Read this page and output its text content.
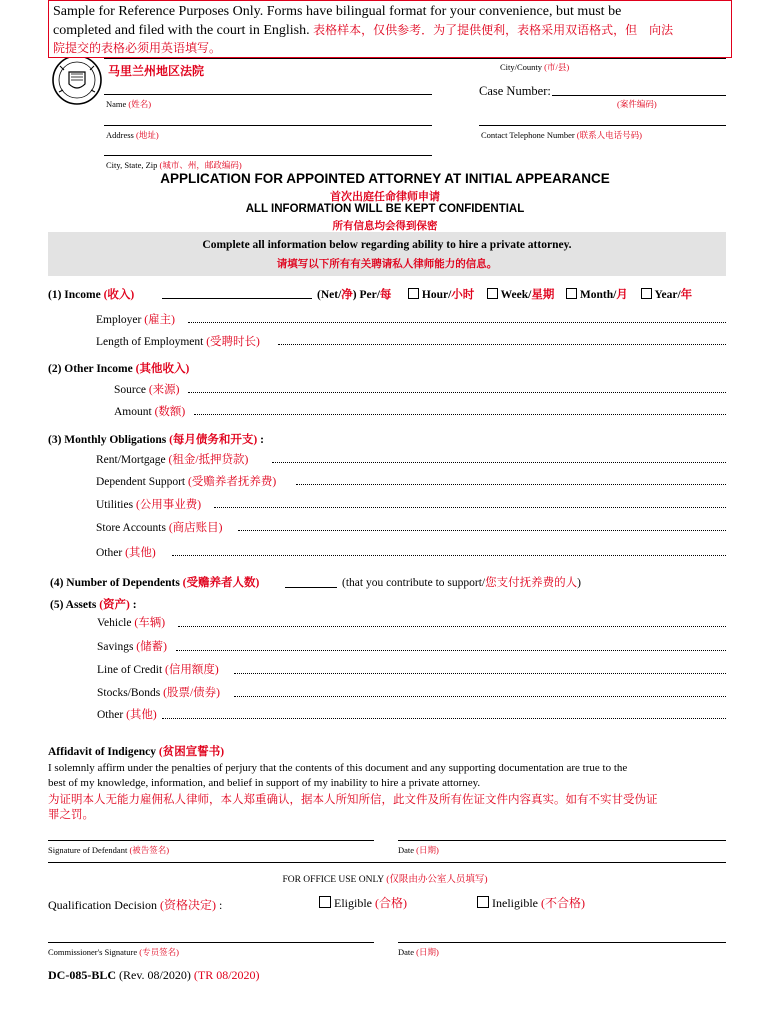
Sample for Reference Purposes Only. Forms have bilingual format for your convenience, but must be
completed and filed with the court in English. 表格样本，仅供参考．为了提供便利，表格采用双语格式，但　向法
院提交的表格必须用英语填写。
马里兰州地区法院	City/County (市/县)
Name (姓名)
Case Number:
(案件编码)
Address (地址)	Contact Telephone Number (联系人电话号码)
City, State, Zip (城市、州，邮政编码)
APPLICATION FOR APPOINTED ATTORNEY AT INITIAL APPEARANCE
首次出庭任命律师申请
ALL INFORMATION WILL BE KEPT CONFIDENTIAL
所有信息均会得到保密
Complete all information below regarding ability to hire a private attorney.
请填写以下所有有关聘请私人律师能力的信息。
(1) Income (收入)	(Net/净) Per/每	Hour/小时	Week/星期	Month/月	Year/年
Employer (雇主)
Length of Employment (受聘时长)
(2) Other Income (其他收入)
Source (来源)
Amount (数额)
(3) Monthly Obligations (每月债务和开支) :
Rent/Mortgage (租金/抵押贷款)
Dependent Support (受赡养者抚养费)
Utilities (公用事业费)
Store Accounts (商店账目)
Other (其他)
(4) Number of Dependents (受赡养者人数)	(that you contribute to support/您支付抚养费的人)
(5) Assets (资产) :
Vehicle (车辆)
Savings (储蓄)
Line of Credit (信用额度)
Stocks/Bonds (股票/债券)
Other (其他)
Affidavit of Indigency (贫困宣誓书)
I solemnly affirm under the penalties of perjury that the contents of this document and any supporting documentation are true to the
best of my knowledge, information, and belief in support of my inability to hire a private attorney.
为证明本人无能力雇佣私人律师，本人郑重确认，据本人所知所信，此文件及所有佐证文件内容真实。如有不实甘受伪证
罪之罚。
Signature of Defendant (被告签名)	Date (日期)
FOR OFFICE USE ONLY (仅限由办公室人员填写)
Qualification Decision (资格决定) :	Eligible (合格)	Ineligible (不合格)
Commissioner's Signature (专员签名)	Date (日期)
DC-085-BLC (Rev. 08/2020) (TR 08/2020)
